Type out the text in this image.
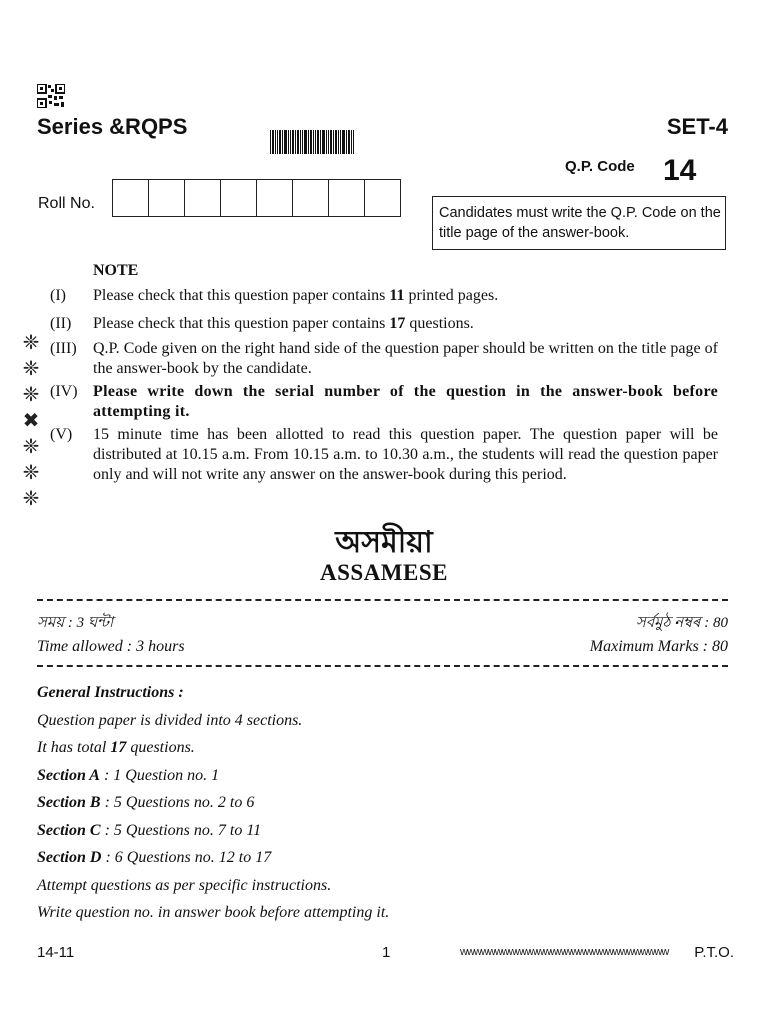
Series &RQPS	SET-4
Q.P. Code 14
Roll No.
Candidates must write the Q.P. Code on the title page of the answer-book.
❈
❈
❈
✖
❈
❈
❈
NOTE
(I)	Please check that this question paper contains 11 printed pages.
(II)	Please check that this question paper contains 17 questions.
(III)	Q.P. Code given on the right hand side of the question paper should be written on the title page of the answer-book by the candidate.
(IV) Please write down the serial number of the question in the answer-book before attempting it.
(V)	15 minute time has been allotted to read this question paper. The question paper will be distributed at 10.15 a.m. From 10.15 a.m. to 10.30 a.m., the students will read the question paper only and will not write any answer on the answer-book during this period.
অসমীয়া
ASSAMESE
সময় : 3 ঘন্টা	সৰ্বমুঠ নম্বৰ : 80
Time allowed : 3 hours	Maximum Marks : 80
General Instructions :
Question paper is divided into 4 sections.
It has total 17 questions.
Section A : 1 Question no. 1
Section B : 5 Questions no. 2 to 6
Section C : 5 Questions no. 7 to 11
Section D : 6 Questions no. 12 to 17
Attempt questions as per specific instructions.
Write question no. in answer book before attempting it.
14-11	1	wwwwwwwwwwwwwwwwwwwwwwwwwwwwww P.T.O.
